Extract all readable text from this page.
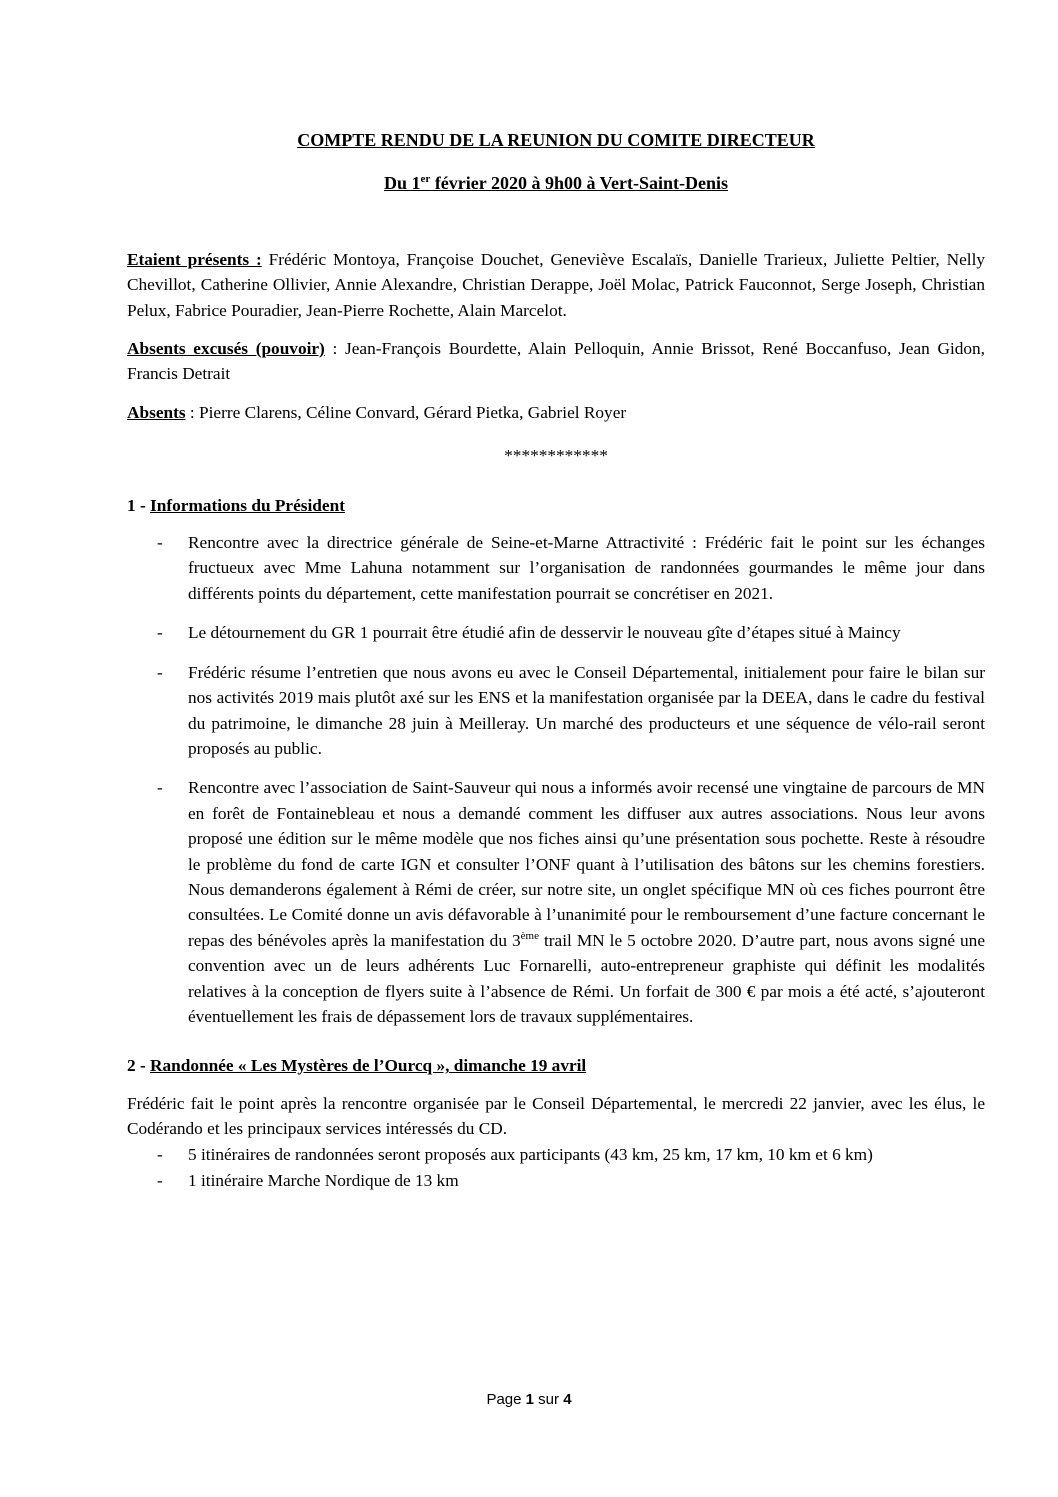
COMPTE RENDU DE LA REUNION DU COMITE DIRECTEUR

Du 1er février 2020 à 9h00 à Vert-Saint-Denis

Etaient présents : Frédéric Montoya, Françoise Douchet, Geneviève Escalaïs, Danielle Trarieux, Juliette Peltier, Nelly Chevillot, Catherine Ollivier, Annie Alexandre, Christian Derappe, Joël Molac, Patrick Fauconnot, Serge Joseph, Christian Pelux, Fabrice Pouradier, Jean-Pierre Rochette, Alain Marcelot.

Absents excusés (pouvoir) : Jean-François Bourdette, Alain Pelloquin, Annie Brissot, René Boccanfuso, Jean Gidon, Francis Detrait

Absents : Pierre Clarens, Céline Convard, Gérard Pietka, Gabriel Royer

************

1 - Informations du Président

- Rencontre avec la directrice générale de Seine-et-Marne Attractivité : Frédéric fait le point sur les échanges fructueux avec Mme Lahuna notamment sur l’organisation de randonnées gourmandes le même jour dans différents points du département, cette manifestation pourrait se concrétiser en 2021.
- Le détournement du GR 1 pourrait être étudié afin de desservir le nouveau gîte d’étapes situé à Maincy
- Frédéric résume l’entretien que nous avons eu avec le Conseil Départemental, initialement pour faire le bilan sur nos activités 2019 mais plutôt axé sur les ENS et la manifestation organisée par la DEEA, dans le cadre du festival du patrimoine, le dimanche 28 juin à Meilleray. Un marché des producteurs et une séquence de vélo-rail seront proposés au public.
- Rencontre avec l’association de Saint-Sauveur qui nous a informés avoir recensé une vingtaine de parcours de MN en forêt de Fontainebleau et nous a demandé comment les diffuser aux autres associations. Nous leur avons proposé une édition sur le même modèle que nos fiches ainsi qu’une présentation sous pochette. Reste à résoudre le problème du fond de carte IGN et consulter l’ONF quant à l’utilisation des bâtons sur les chemins forestiers. Nous demanderons également à Rémi de créer, sur notre site, un onglet spécifique MN où ces fiches pourront être consultées. Le Comité donne un avis défavorable à l’unanimité pour le remboursement d’une facture concernant le repas des bénévoles après la manifestation du 3ème trail MN le 5 octobre 2020. D’autre part, nous avons signé une convention avec un de leurs adhérents Luc Fornarelli, auto-entrepreneur graphiste qui définit les modalités relatives à la conception de flyers suite à l’absence de Rémi. Un forfait de 300 € par mois a été acté, s’ajouteront éventuellement les frais de dépassement lors de travaux supplémentaires.

2 - Randonnée « Les Mystères de l’Ourcq », dimanche 19 avril

Frédéric fait le point après la rencontre organisée par le Conseil Départemental, le mercredi 22 janvier, avec les élus, le Codérando et les principaux services intéressés du CD.

- 5 itinéraires de randonnées seront proposés aux participants (43 km, 25 km, 17 km, 10 km et 6 km)
- 1 itinéraire Marche Nordique de 13 km
Page 1 sur 4
